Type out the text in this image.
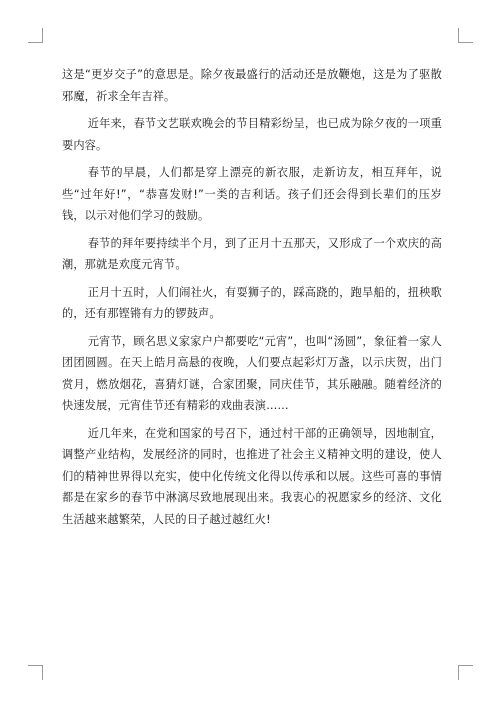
这是“更岁交子”的意思是。除夕夜最盛行的活动还是放鞭炮，这是为了驱散邪魔，祈求全年吉祥。

近年来，春节文艺联欢晚会的节目精彩纷呈，也已成为除夕夜的一项重要内容。

春节的早晨，人们都是穿上漂亮的新衣服，走新访友，相互拜年，说些“过年好!”，“恭喜发财!”一类的吉利话。孩子们还会得到长辈们的压岁钱，以示对他们学习的鼓励。

春节的拜年要持续半个月，到了正月十五那天，又形成了一个欢庆的高潮，那就是欢度元宵节。

正月十五时，人们闹社火，有耍狮子的，踩高跷的，跑旱船的，扭秧歌的，还有那铿锵有力的锣鼓声。

元宵节，顾名思义家家户户都要吃“元宵”，也叫“汤圆”，象征着一家人团团圆圆。在天上皓月高悬的夜晚，人们要点起彩灯万盏，以示庆贺，出门赏月，燃放烟花，喜猜灯谜，合家团聚，同庆佳节，其乐融融。随着经济的快速发展，元宵佳节还有精彩的戏曲表演……

近几年来，在党和国家的号召下，通过村干部的正确领导，因地制宜，调整产业结构，发展经济的同时，也推进了社会主义精神文明的建设，使人们的精神世界得以充实，使中化传统文化得以传承和以展。这些可喜的事情都是在家乡的春节中淋漓尽致地展现出来。我衷心的祝愿家乡的经济、文化生活越来越繁荣，人民的日子越过越红火!
